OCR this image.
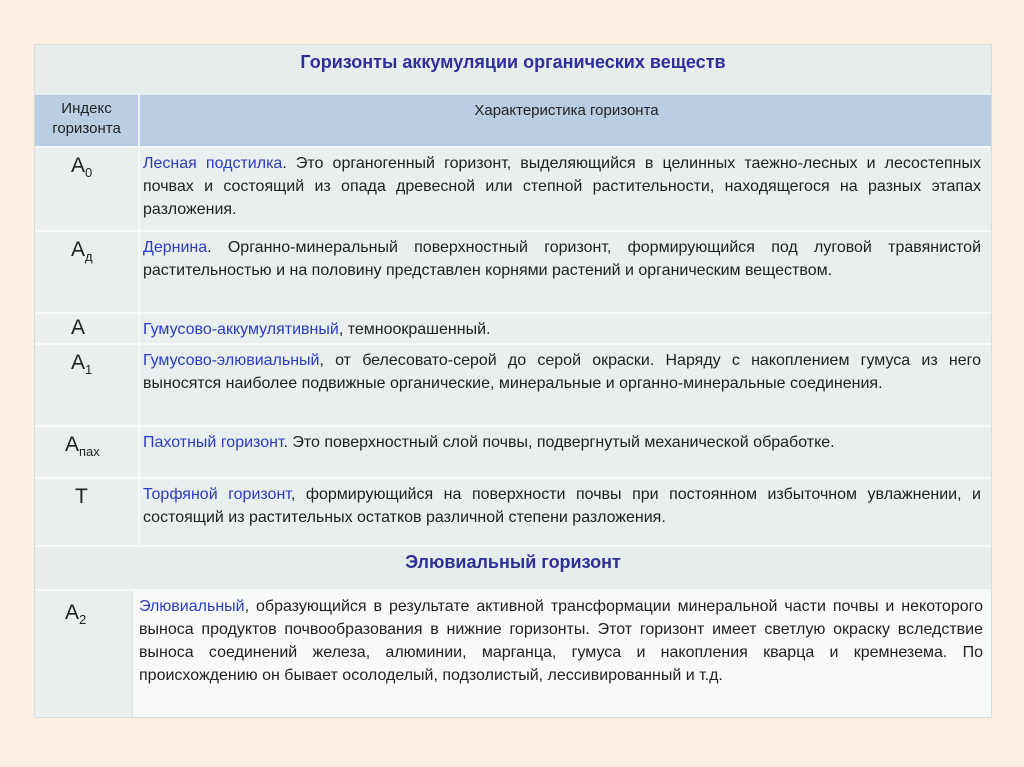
Горизонты аккумуляции органических веществ
Индекс
горизонта
Характеристика горизонта
$А_0$
Лесная подстилка. Это органогенный горизонт, выделяющийся в целинных таежно-лесных и лесостепных почвах и состоящий из опада древесной или степной растительности, находящегося на разных этапах разложения.
$А_д$
Дернина. Органно-минеральный поверхностный горизонт, формирующийся под луговой травянистой растительностью и на половину представлен корнями растений и органическим веществом.
А	Гумусово-аккумулятивный, темноокрашенный.
$А_1$
Гумусово-элювиальный, от белесовато-серой до серой окраски. Наряду с накоплением гумуса из него выносятся наиболее подвижные органические, минеральные и органно-минеральные соединения.
$А_{пах}$
Пахотный горизонт. Это поверхностный слой почвы, подвергнутый механической обработке.
Т	Торфяной горизонт, формирующийся на поверхности почвы при постоянном избыточном увлажнении, и состоящий из растительных остатков различной степени разложения.
Элювиальный горизонт
$А_2$
Элювиальный, образующийся в результате активной трансформации минеральной части почвы и некоторого выноса продуктов почвообразования в нижние горизонты. Этот горизонт имеет светлую окраску вследствие выноса соединений железа, алюминии, марганца, гумуса и накопления кварца и кремнезема. По происхождению он бывает осолоделый, подзолистый, лессивированный и т.д.
